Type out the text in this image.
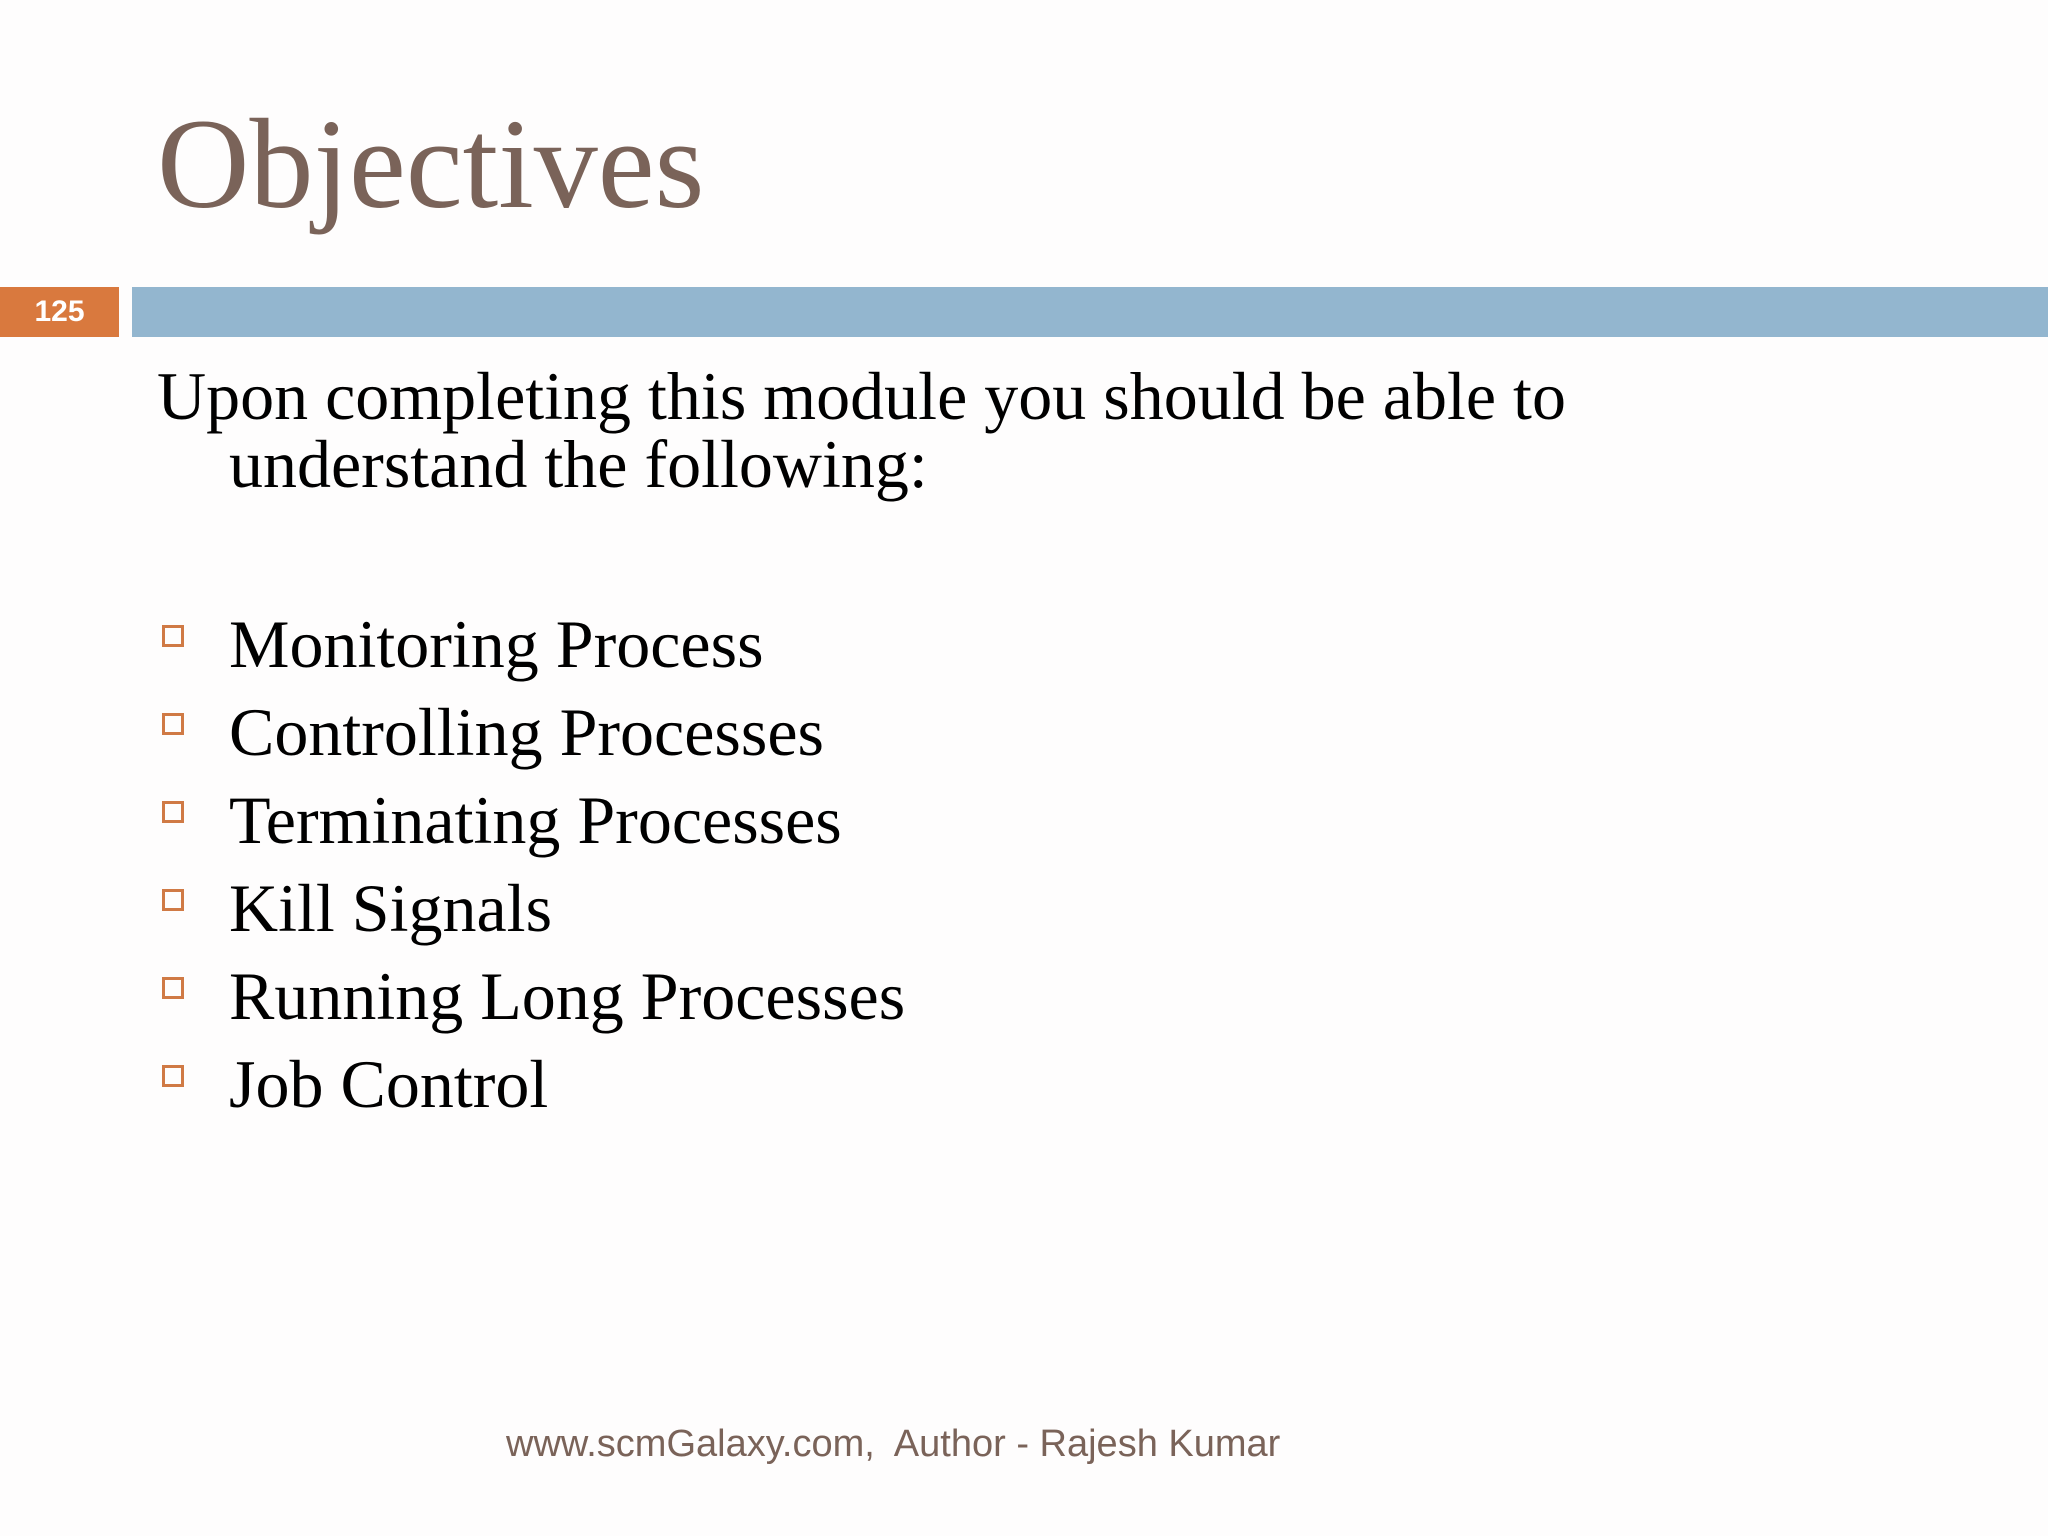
Objectives
125

Upon completing this module you should be able to
understand the following:

Monitoring Process
Controlling Processes
Terminating Processes
Kill Signals
Running Long Processes
Job Control
www.scmGalaxy.com,  Author - Rajesh Kumar
